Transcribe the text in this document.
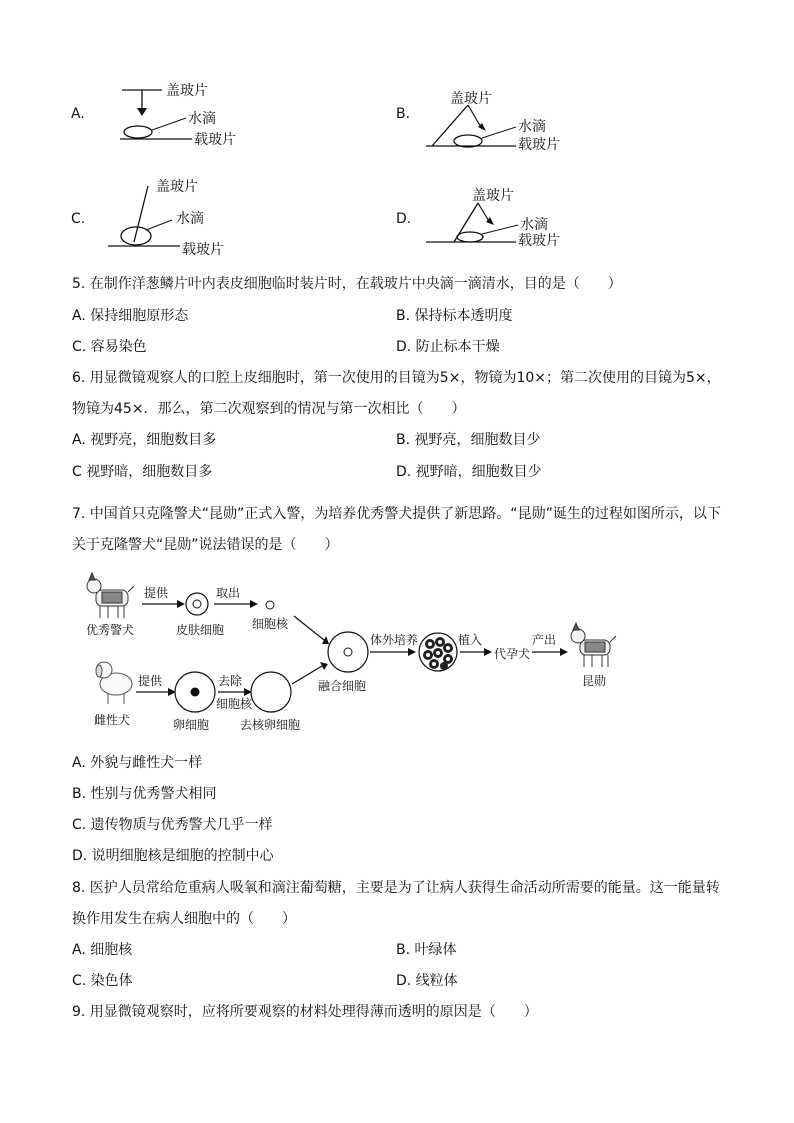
A.
盖玻片
水滴
载玻片
B.
盖玻片
水滴
载玻片
C.
盖玻片
水滴
载玻片
D.
盖玻片
水滴
载玻片
5. 在制作洋葱鳞片叶内表皮细胞临时装片时，在载玻片中央滴一滴清水，目的是（　　）
A. 保持细胞原形态	B. 保持标本透明度
C. 容易染色	D. 防止标本干燥
6. 用显微镜观察人的口腔上皮细胞时，第一次使用的目镜为5×，物镜为10×；第二次使用的目镜为5×，
物镜为45×．那么，第二次观察到的情况与第一次相比（　　）
A. 视野亮，细胞数目多	B. 视野亮，细胞数目少
C 视野暗，细胞数目多	D. 视野暗，细胞数目少
7. 中国首只克隆警犬“昆勋”正式入警，为培养优秀警犬提供了新思路。“昆勋”诞生的过程如图所示，以下
关于克隆警犬“昆勋”说法错误的是（　　）
优秀警犬
提供
皮肤细胞
取出
细胞核
雌性犬
提供
卵细胞
去除
细胞核
去核卵细胞
融合细胞
体外培养	植入
代孕犬
产出
昆勋
A. 外貌与雌性犬一样
B. 性别与优秀警犬相同
C. 遗传物质与优秀警犬几乎一样
D. 说明细胞核是细胞的控制中心
8. 医护人员常给危重病人吸氧和滴注葡萄糖，主要是为了让病人获得生命活动所需要的能量。这一能量转
换作用发生在病人细胞中的（　　）
A. 细胞核	B. 叶绿体
C. 染色体	D. 线粒体
9. 用显微镜观察时，应将所要观察的材料处理得薄而透明的原因是（　　）
